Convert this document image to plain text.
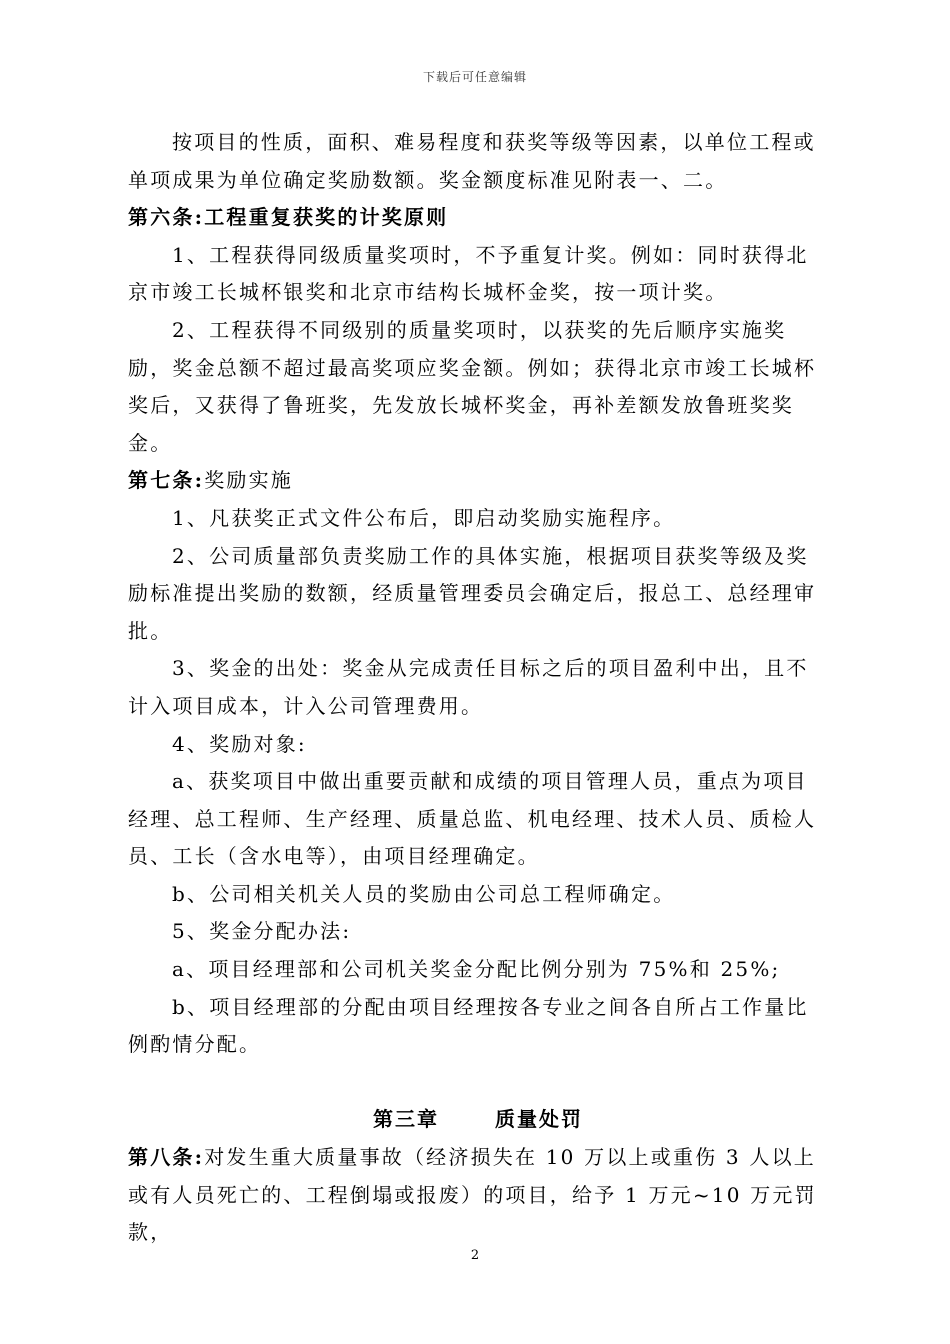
下载后可任意编辑

按项目的性质，面积、难易程度和获奖等级等因素，以单位工程或单项成果为单位确定奖励数额。奖金额度标准见附表一、二。

第六条:工程重复获奖的计奖原则

1、工程获得同级质量奖项时，不予重复计奖。例如：同时获得北京市竣工长城杯银奖和北京市结构长城杯金奖，按一项计奖。

2、工程获得不同级别的质量奖项时，以获奖的先后顺序实施奖励，奖金总额不超过最高奖项应奖金额。例如；获得北京市竣工长城杯奖后，又获得了鲁班奖，先发放长城杯奖金，再补差额发放鲁班奖奖金。

第七条:奖励实施

1、凡获奖正式文件公布后，即启动奖励实施程序。

2、公司质量部负责奖励工作的具体实施，根据项目获奖等级及奖励标准提出奖励的数额，经质量管理委员会确定后，报总工、总经理审批。

3、奖金的出处：奖金从完成责任目标之后的项目盈利中出，且不计入项目成本，计入公司管理费用。

4、奖励对象:

a、获奖项目中做出重要贡献和成绩的项目管理人员，重点为项目经理、总工程师、生产经理、质量总监、机电经理、技术人员、质检人员、工长（含水电等），由项目经理确定。

b、公司相关机关人员的奖励由公司总工程师确定。

5、奖金分配办法:

a、项目经理部和公司机关奖金分配比例分别为 75%和 25%;

b、项目经理部的分配由项目经理按各专业之间各自所占工作量比例酌情分配。

第三章	质量处罚

第八条:对发生重大质量事故（经济损失在 10 万以上或重伤 3 人以上或有人员死亡的、工程倒塌或报废）的项目，给予 1 万元~10 万元罚款，

2
